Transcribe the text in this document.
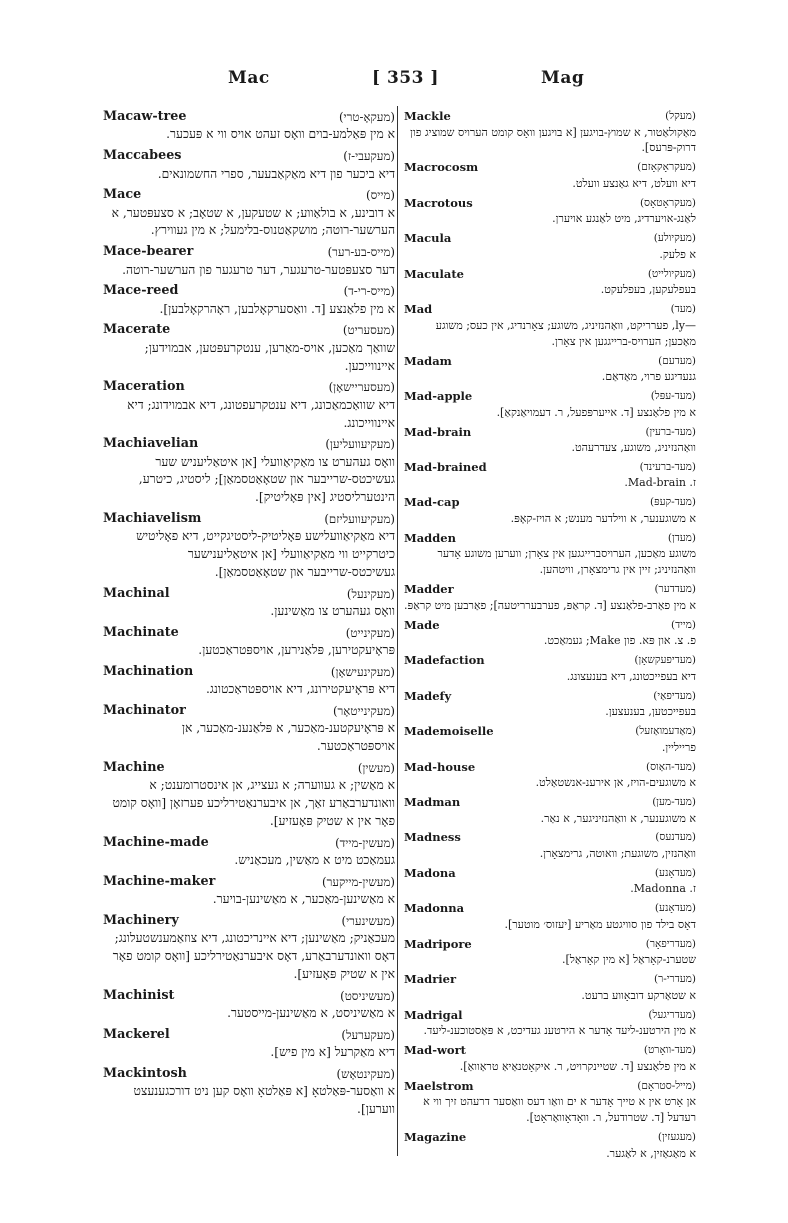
Mac	[ 353 ]	Mag
Macaw-tree	(מעקאָ-טרי)
א מין פּאַלמע-בוים וואָס זעהט אויס ווי א פּעכער.
Maccabees	(מעקעבי-ז)
דיא ביכער פון דיא מאַקאַבעער, ספרי החשמונאים.
Mace	(מייס)
א דובינע, א בולאַווע; א שטעקען, א שטאָב; א סצעפּטער, א הערשער-רוטה; מושקאַטנוס-בלימעל; א מין געווירץ.
Mace-bearer	(מייס-בע-רער)
דער סצעפּטער-טרעגער, דער טרעגער פון הערשער-רוטה.
Mace-reed	(מייס-רי-ד)
א מין פלאַנצע [ד. וואַסערקאָלבען, ראָהרקאָלבען].
Macerate	(מעסעריט)
שוואַך מאַכען, אויס-מאַרען, ענטקרעפּטען, אבמוידען; איינווייכען.
Maceration	(מעסעריישאָן)
דיא שוואַכמאַכונג, דיא ענטקרעפטונג, דיא אבמוידונג; דיא איינווייכונג.
Machiavelian	(מעקיעוועליען)
וואָס געהערט צו מאַקיאַוועלי [אן איטאַליעניש שער געשיכטס-שרייבער און שטאָאַטסמאַן]; ליסטיג, כיטרע, הינטערליסטיג [אין פּאָליטיק].
Machiavelism	(מעקיעוועליזם)
דיא מאַקיאַוועלישע פּאָליטיק-ליסטיגקייט, דיא פאָליטיש כיטרקייט ווי מאַקיאַוועלי [אן איטאַליענישער געשיכטס-שרייבער און שטאָאַטסמאַן].
Machinal	(מעקינעל)
וואָס געהערט צו מאַשינען.
Machinate	(מעקינייט)
פּראָיעקטירען, פּלאַנירען, אויספּטראַכטען.
Machination	(מעקינעישאָן)
דיא פּראָיעקטירונג, דיא אויספּטראַכטונג.
Machinator	(מעקינייטאָר)
א פּראָיעקטענ-מאַכער, א פּלאַנענ-מאַכער, אן אויספּטראַכטער.
Machine	(מעשין)
א מאַשין; א געווערה; א געצייג, אן אינסטרומענט; א וואונדערבאַרע זאַך, אן איבערנאַטירליכע פערזאָן [וואָס קומט פאָר אין א שטיק פּאָעזיע].
Machine-made	(מעשין-מייד)
געמאַכט מיט א מאַשין, מעכאַניש.
Machine-maker	(מעשין-מייקער)
א מאַשינען-מאַכער, א מאַשינען-בויער.
Machinery	(מעשינערי)
מעכאַניק; מאַשינען; דיא איינריכטונג, דיא צוזאַמענשטעלונג; דאָס וואונדערבאַרע, דאָס איבערנאַטירליכע [וואָס קומט פאָר אין א שטיק פּאָעזיע].
Machinist	(מעשיניסט)
א מאַשיניסט, א מאַשינען-מייסטער.
Mackerel	(מעקערעל)
דיא מאַקרעל [א מין פיש].
Mackintosh	(מעקינטאָש)
א וואַסער-פּאַלטאָ [א פּאַלטאָ וואָס קען ניט דורכגענעצט ווערען].
Mackle	(מעקל)
מאַקולאַטור, א שמוץ-בויגען [א בויגען וואָס קומט הערויס שמוציג פון דרוק-פּרעס].
Macrocosm	(מעקראָקאָזם)
דיא וועלט, דיא גאַנצע וועלט.
Macrotous	(מעקראָטאָס)
לאַנג-אויערדיג, מיט לאַנגע אויערן.
Macula	(מעקיולע)
א פלעק.
Maculate	(מעקיולייט)
בעפלעקען, בעפלעקט.
Mad	(מעד)
—ly, פערריקט, וואַהנזיניג, משוגע; צאָרנדיג, אין כעס; משוגע מאַכען; הערויס-ברייגגען אין צאָרן.
Madam	(מעדעם)
גנעדיגע פרוי, מאַדאַם.
Mad-apple	(מעד-עפּל)
א מין פלאַנצע [ד. אייערפּפעל, ר. דעמויאַנקאַ].
Mad-brain	(מעד-ברעין)
וואַהנזיניג, משוגע, צעדרעהט.
Mad-brained	(מעד-ברעינד)
ז. Mad-brain.
Mad-cap	(מעד-קעפּ)
א משוגענער, א ווילדער מענש; א הויז-קאָפּ.
Madden	(מעדן)
משוגע מאַכען, הערויסברייגגען אין צאָרן; ווערען משוגע אָדער וואַהנזיניג; זיין אין גרימצאָרן, וויטהען.
Madder	(מעדדער)
א מין פאַרב-פלאַנצע [ד. קראַפּ, פערבערריטעה]; פאַרבען מיט קראַפּ.
Made	(מייד)
פ. צ. און פּא. פון Make; געמאַכט.
Madefaction	(מעדיפעקשאָן)
דיא בעפייכטונג, דיא בענעצונג.
Madefy	(מעדיפאַי)
בעפייכטען, בענעצען.
Mademoiselle	(מאַדעמואַזעל)
פרייליין.
Mad-house	(מעד-האַוס)
א משוגעים-הויז, אן אירענ-אנשטאַלט.
Madman	(מעד-מען)
א משוגענער, א וואַהנזיניגער, א נאַר.
Madness	(מעדנעס)
וואַהנזין, משוגעת; וואוטה, גרימצאָרן.
Madona	(מעדאָנע)
ז. Madonna.
Madonna	(מעדאָנע)
דאָס בילד פון סוויגטע מאַריע [יעזוס׳ מוטער].
Madripore	(מעדריפאָר)
שטערנ-קאָראַל [א מין קאָראַל].
Madrier	(מעדרי-ר)
א שטאַרקע דובאָווע ברעט.
Madrigal	(מעדריגעל)
א מין הירטענ-ליעד אָדער א הירטענ געדיכט, א פּאַסטוכענ-ליעד.
Mad-wort	(מעד-וואָרט)
א מין פלאַנצע [ד. שטיינקרויט, ר. איקאָטנאַיאַ טראַוואַ].
Maelstrom	(מייל-סטראָם)
אן אָרט אין א טייך אָדער א ים וואַו דעס וואַסער דרעהט זיך ווי א רעדעל [ד. שטרודעל, ר. וואָדאָוואַראָט].
Magazine	(מעגעזין)
א מאַגאַזין, א לאַגער.
